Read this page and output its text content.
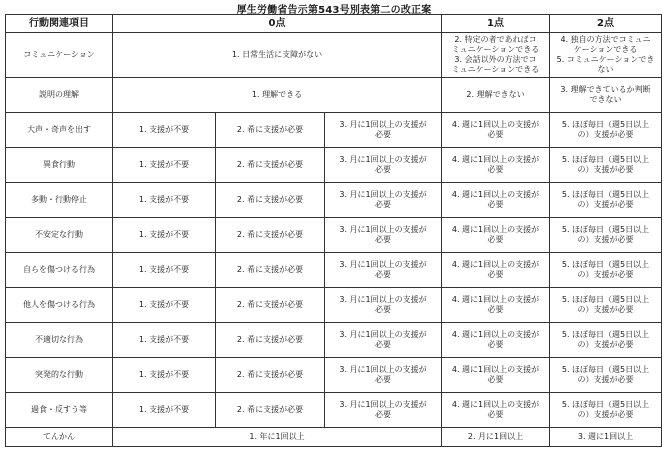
厚生労働省告示第543号別表第二の改正案
行動関連項目	0点			1点	2点
コミュニケーション	1. 日常生活に支障がない			2. 特定の者であればコ
ミュニケーションできる
3. 会話以外の方法でコ
ミュニケーションできる	4. 独自の方法でコミュニ
ケーションできる
5. コミュニケーションでき
ない
説明の理解	1. 理解できる			2. 理解できない	3. 理解できているか判断
できない
大声・奇声を出す	1. 支援が不要	2. 希に支援が必要	3. 月に1回以上の支援が
必要	4. 週に1回以上の支援が
必要	5. ほぼ毎日（週5日以上
の）支援が必要
異食行動	1. 支援が不要	2. 希に支援が必要	3. 月に1回以上の支援が
必要	4. 週に1回以上の支援が
必要	5. ほぼ毎日（週5日以上
の）支援が必要
多動・行動停止	1. 支援が不要	2. 希に支援が必要	3. 月に1回以上の支援が
必要	4. 週に1回以上の支援が
必要	5. ほぼ毎日（週5日以上
の）支援が必要
不安定な行動	1. 支援が不要	2. 希に支援が必要	3. 月に1回以上の支援が
必要	4. 週に1回以上の支援が
必要	5. ほぼ毎日（週5日以上
の）支援が必要
自らを傷つける行為	1. 支援が不要	2. 希に支援が必要	3. 月に1回以上の支援が
必要	4. 週に1回以上の支援が
必要	5. ほぼ毎日（週5日以上
の）支援が必要
他人を傷つける行為	1. 支援が不要	2. 希に支援が必要	3. 月に1回以上の支援が
必要	4. 週に1回以上の支援が
必要	5. ほぼ毎日（週5日以上
の）支援が必要
不適切な行為	1. 支援が不要	2. 希に支援が必要	3. 月に1回以上の支援が
必要	4. 週に1回以上の支援が
必要	5. ほぼ毎日（週5日以上
の）支援が必要
突発的な行動	1. 支援が不要	2. 希に支援が必要	3. 月に1回以上の支援が
必要	4. 週に1回以上の支援が
必要	5. ほぼ毎日（週5日以上
の）支援が必要
過食・反すう等	1. 支援が不要	2. 希に支援が必要	3. 月に1回以上の支援が
必要	4. 週に1回以上の支援が
必要	5. ほぼ毎日（週5日以上
の）支援が必要
てんかん	1. 年に1回以上			2. 月に1回以上	3. 週に1回以上
